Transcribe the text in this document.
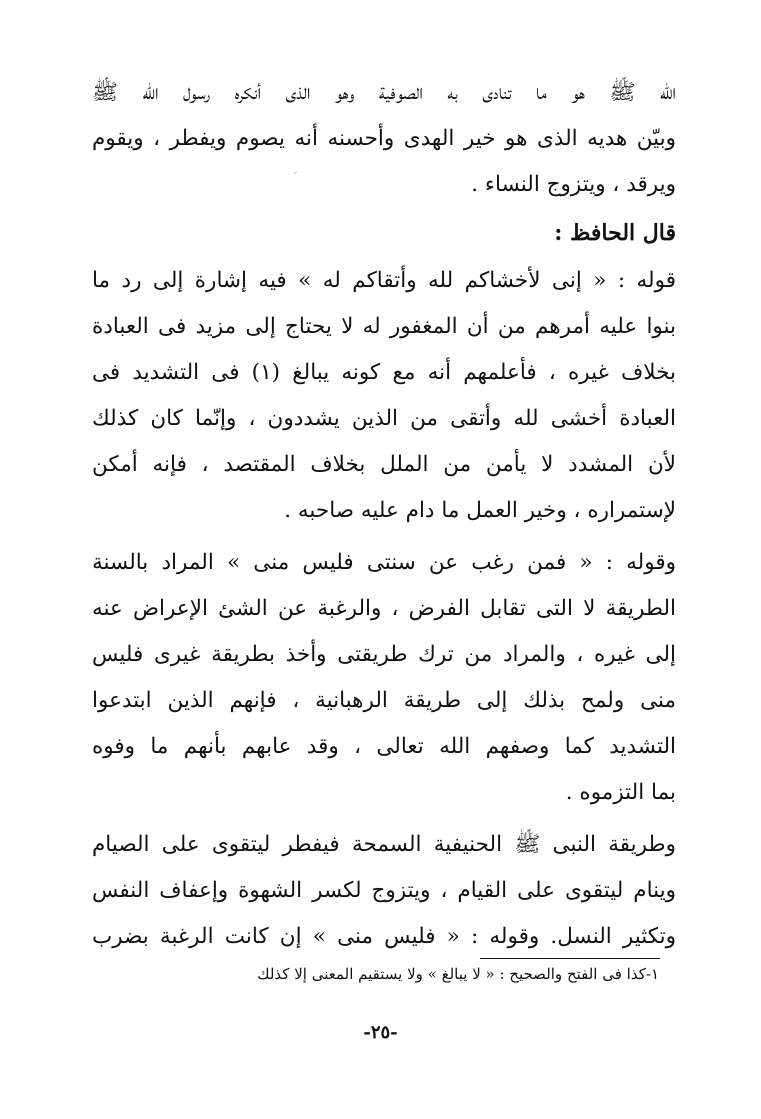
الله ﷺ هو ما تنادى به الصوفية وهو الذى أنكره رسول الله ﷺ
وبيّن هديه الذى هو خير الهدى وأحسنه أنه يصوم ويفطر ، ويقوم
ويرقد ، ويتزوج النساء .
قال الحافظ :
قوله : « إنى لأخشاكم لله وأتقاكم له » فيه إشارة إلى رد ما
بنوا عليه أمرهم من أن المغفور له لا يحتاج إلى مزيد فى العبادة
بخلاف غيره ، فأعلمهم أنه مع كونه يبالغ (١) فى التشديد فى
العبادة أخشى لله وأتقى من الذين يشددون ، وإنّما كان كذلك
لأن المشدد لا يأمن من الملل بخلاف المقتصد ، فإنه أمكن
لإستمراره ، وخير العمل ما دام عليه صاحبه .
وقوله : « فمن رغب عن سنتى فليس منى » المراد بالسنة
الطريقة لا التى تقابل الفرض ، والرغبة عن الشئ الإعراض عنه
إلى غيره ، والمراد من ترك طريقتى وأخذ بطريقة غيرى فليس
منى ولمح بذلك إلى طريقة الرهبانية ، فإنهم الذين ابتدعوا
التشديد كما وصفهم الله تعالى ، وقد عابهم بأنهم ما وفوه
بما التزموه .
وطريقة النبى ﷺ الحنيفية السمحة فيفطر ليتقوى على الصيام
وينام ليتقوى على القيام ، ويتزوج لكسر الشهوة وإعفاف النفس
وتكثير النسل. وقوله : « فليس منى » إن كانت الرغبة بضرب
١-كذا فى الفتح والصحيح : « لا يبالغ » ولا يستقيم المعنى إلا كذلك
-٢٥-
